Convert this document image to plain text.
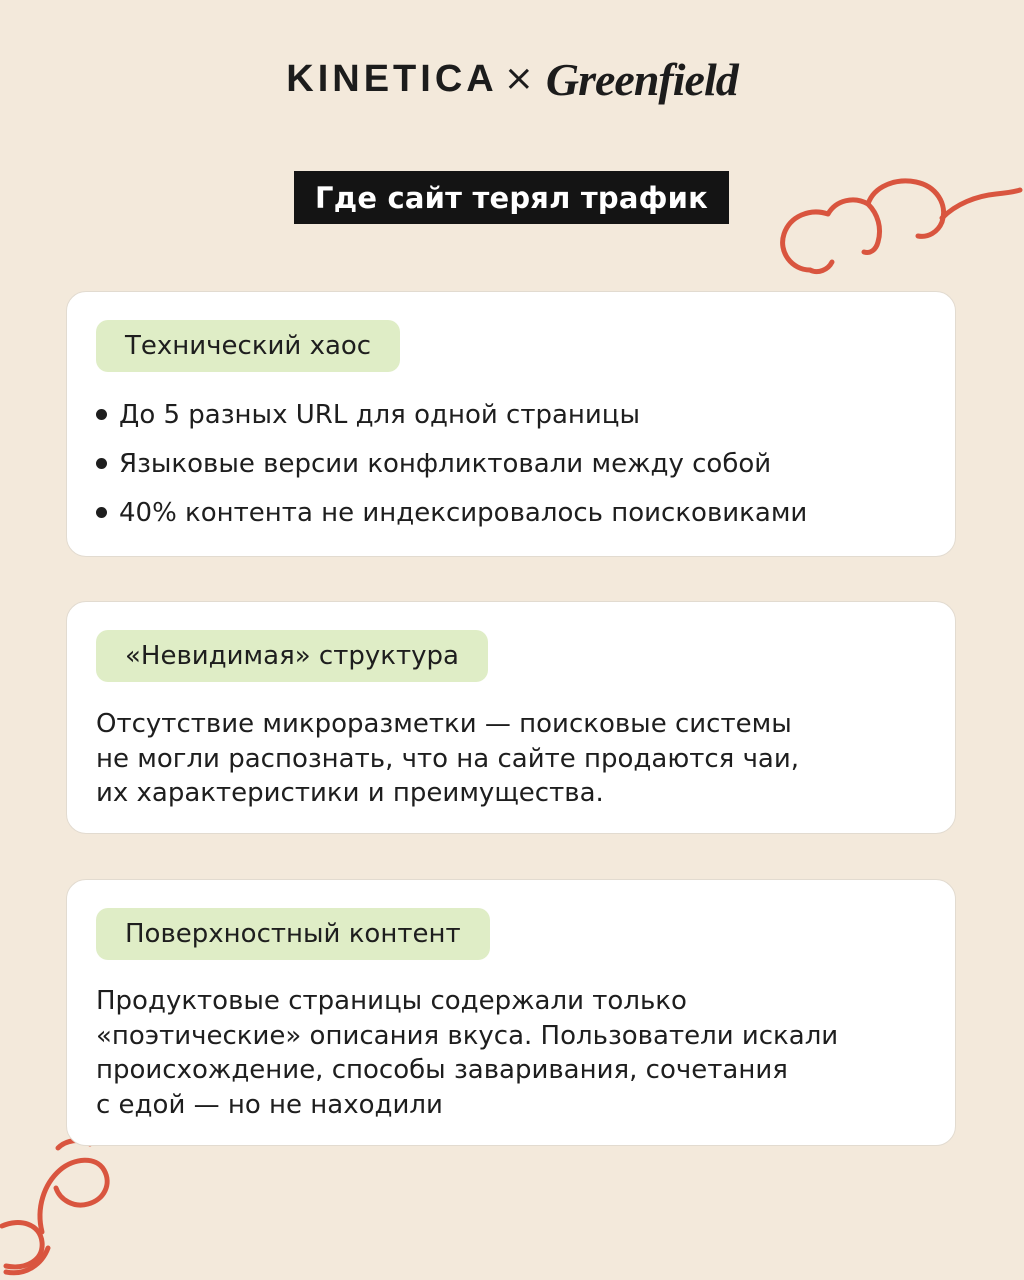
KINETICA × Greenfield
Где сайт терял трафик
Технический хаос
До 5 разных URL для одной страницы
Языковые версии конфликтовали между собой
40% контента не индексировалось поисковиками
«Невидимая» структура

Отсутствие микроразметки — поисковые системы
не могли распознать, что на сайте продаются чаи,
их характеристики и преимущества.

Поверхностный контент

Продуктовые страницы содержали только
«поэтические» описания вкуса. Пользователи искали
происхождение, способы заваривания, сочетания
с едой — но не находили
